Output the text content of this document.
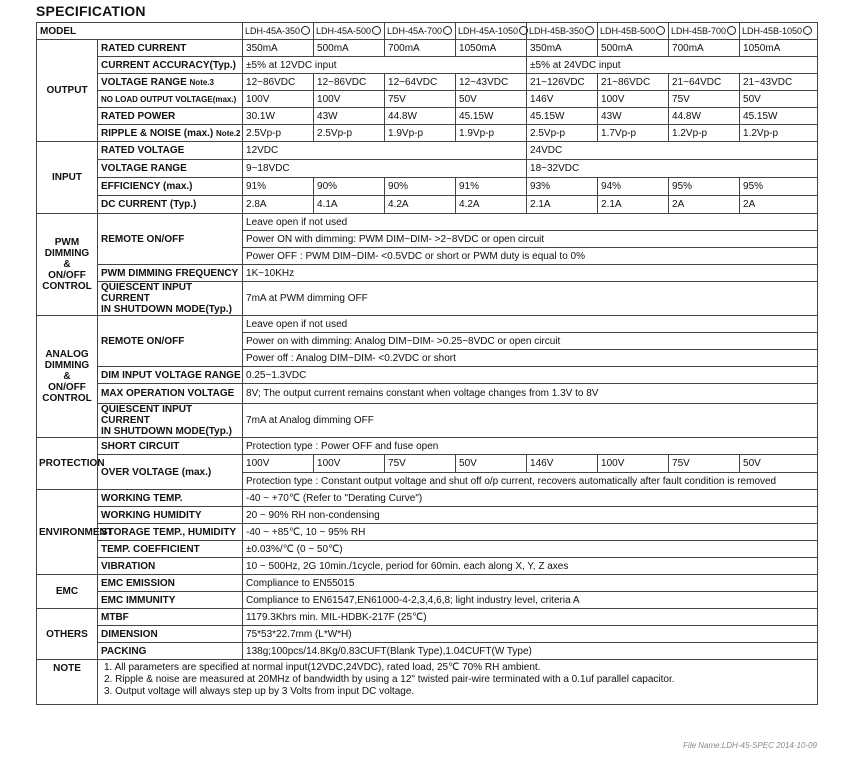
SPECIFICATION
MODEL		LDH-45A-350	LDH-45A-500	LDH-45A-700	LDH-45A-1050	LDH-45B-350	LDH-45B-500	LDH-45B-700	LDH-45B-1050
OUTPUT	RATED CURRENT	350mA	500mA	700mA	1050mA	350mA	500mA	700mA	1050mA
	CURRENT ACCURACY(Typ.)	±5% at 12VDC input				±5% at 24VDC input			
	VOLTAGE RANGE Note.3	12~86VDC	12~86VDC	12~64VDC	12~43VDC	21~126VDC	21~86VDC	21~64VDC	21~43VDC
	NO LOAD OUTPUT VOLTAGE(max.)	100V	100V	75V	50V	146V	100V	75V	50V
	RATED POWER	30.1W	43W	44.8W	45.15W	45.15W	43W	44.8W	45.15W
	RIPPLE & NOISE (max.) Note.2	2.5Vp-p	2.5Vp-p	1.9Vp-p	1.9Vp-p	2.5Vp-p	1.7Vp-p	1.2Vp-p	1.2Vp-p
INPUT	RATED VOLTAGE	12VDC				24VDC			
	VOLTAGE RANGE	9~18VDC				18~32VDC			
	EFFICIENCY (max.)	91%	90%	90%	91%	93%	94%	95%	95%
	DC CURRENT (Typ.)	2.8A	4.1A	4.2A	4.2A	2.1A	2.1A	2A	2A

PWM
DIMMING
&
ON/OFF
CONTROL	REMOTE ON/OFF	Leave open if not used							
		Power ON with dimming: PWM DIM~DIM- >2~8VDC or open circuit							
		Power OFF : PWM DIM~DIM- <0.5VDC or short or PWM duty is equal to 0%							
	PWM DIMMING FREQUENCY	1K~10KHz							

	QUIESCENT INPUT CURRENT
IN SHUTDOWN MODE(Typ.)	7mA at PWM dimming OFF							

ANALOG
DIMMING
&
ON/OFF
CONTROL	REMOTE ON/OFF	Leave open if not used							
		Power on with dimming: Analog DIM~DIM- >0.25~8VDC or open circuit							
		Power off : Analog DIM~DIM- <0.2VDC or short							
	DIM INPUT VOLTAGE RANGE	0.25~1.3VDC							
	MAX OPERATION VOLTAGE	8V; The output current remains constant when voltage changes from 1.3V to 8V							

	QUIESCENT INPUT CURRENT
IN SHUTDOWN MODE(Typ.)	7mA at Analog dimming OFF							
PROTECTION	SHORT CIRCUIT	Protection type : Power OFF and fuse open							
	OVER VOLTAGE (max.)	100V	100V	75V	50V	146V	100V	75V	50V
		Protection type : Constant output voltage and shut off o/p current, recovers automatically after fault condition is removed							
ENVIRONMENT	WORKING TEMP.	-40 ~ +70℃ (Refer to "Derating Curve")							
	WORKING HUMIDITY	20 ~ 90% RH non-condensing							
	STORAGE TEMP., HUMIDITY	-40 ~ +85℃, 10 ~ 95% RH							
	TEMP. COEFFICIENT	±0.03%/℃ (0 ~ 50℃)							
	VIBRATION	10 ~ 500Hz, 2G 10min./1cycle, period for 60min. each along X, Y, Z axes							
EMC	EMC EMISSION	Compliance to EN55015							
	EMC IMMUNITY	Compliance to EN61547,EN61000-4-2,3,4,6,8; light industry level, criteria A							
OTHERS	MTBF	1179.3Khrs min. MIL-HDBK-217F (25℃)							
	DIMENSION	75*53*22.7mm (L*W*H)							
	PACKING	138g;100pcs/14.8Kg/0.83CUFT(Blank Type),1.04CUFT(W Type)							
NOTE	1. All parameters are specified at normal input(12VDC,24VDC), rated load, 25℃ 70% RH ambient.
2. Ripple & noise are measured at 20MHz of bandwidth by using a 12" twisted pair-wire terminated with a 0.1uf parallel capacitor.
3. Output voltage will always step up by 3 Volts from input DC voltage.								
File Name:LDH-45-SPEC 2014-10-09
